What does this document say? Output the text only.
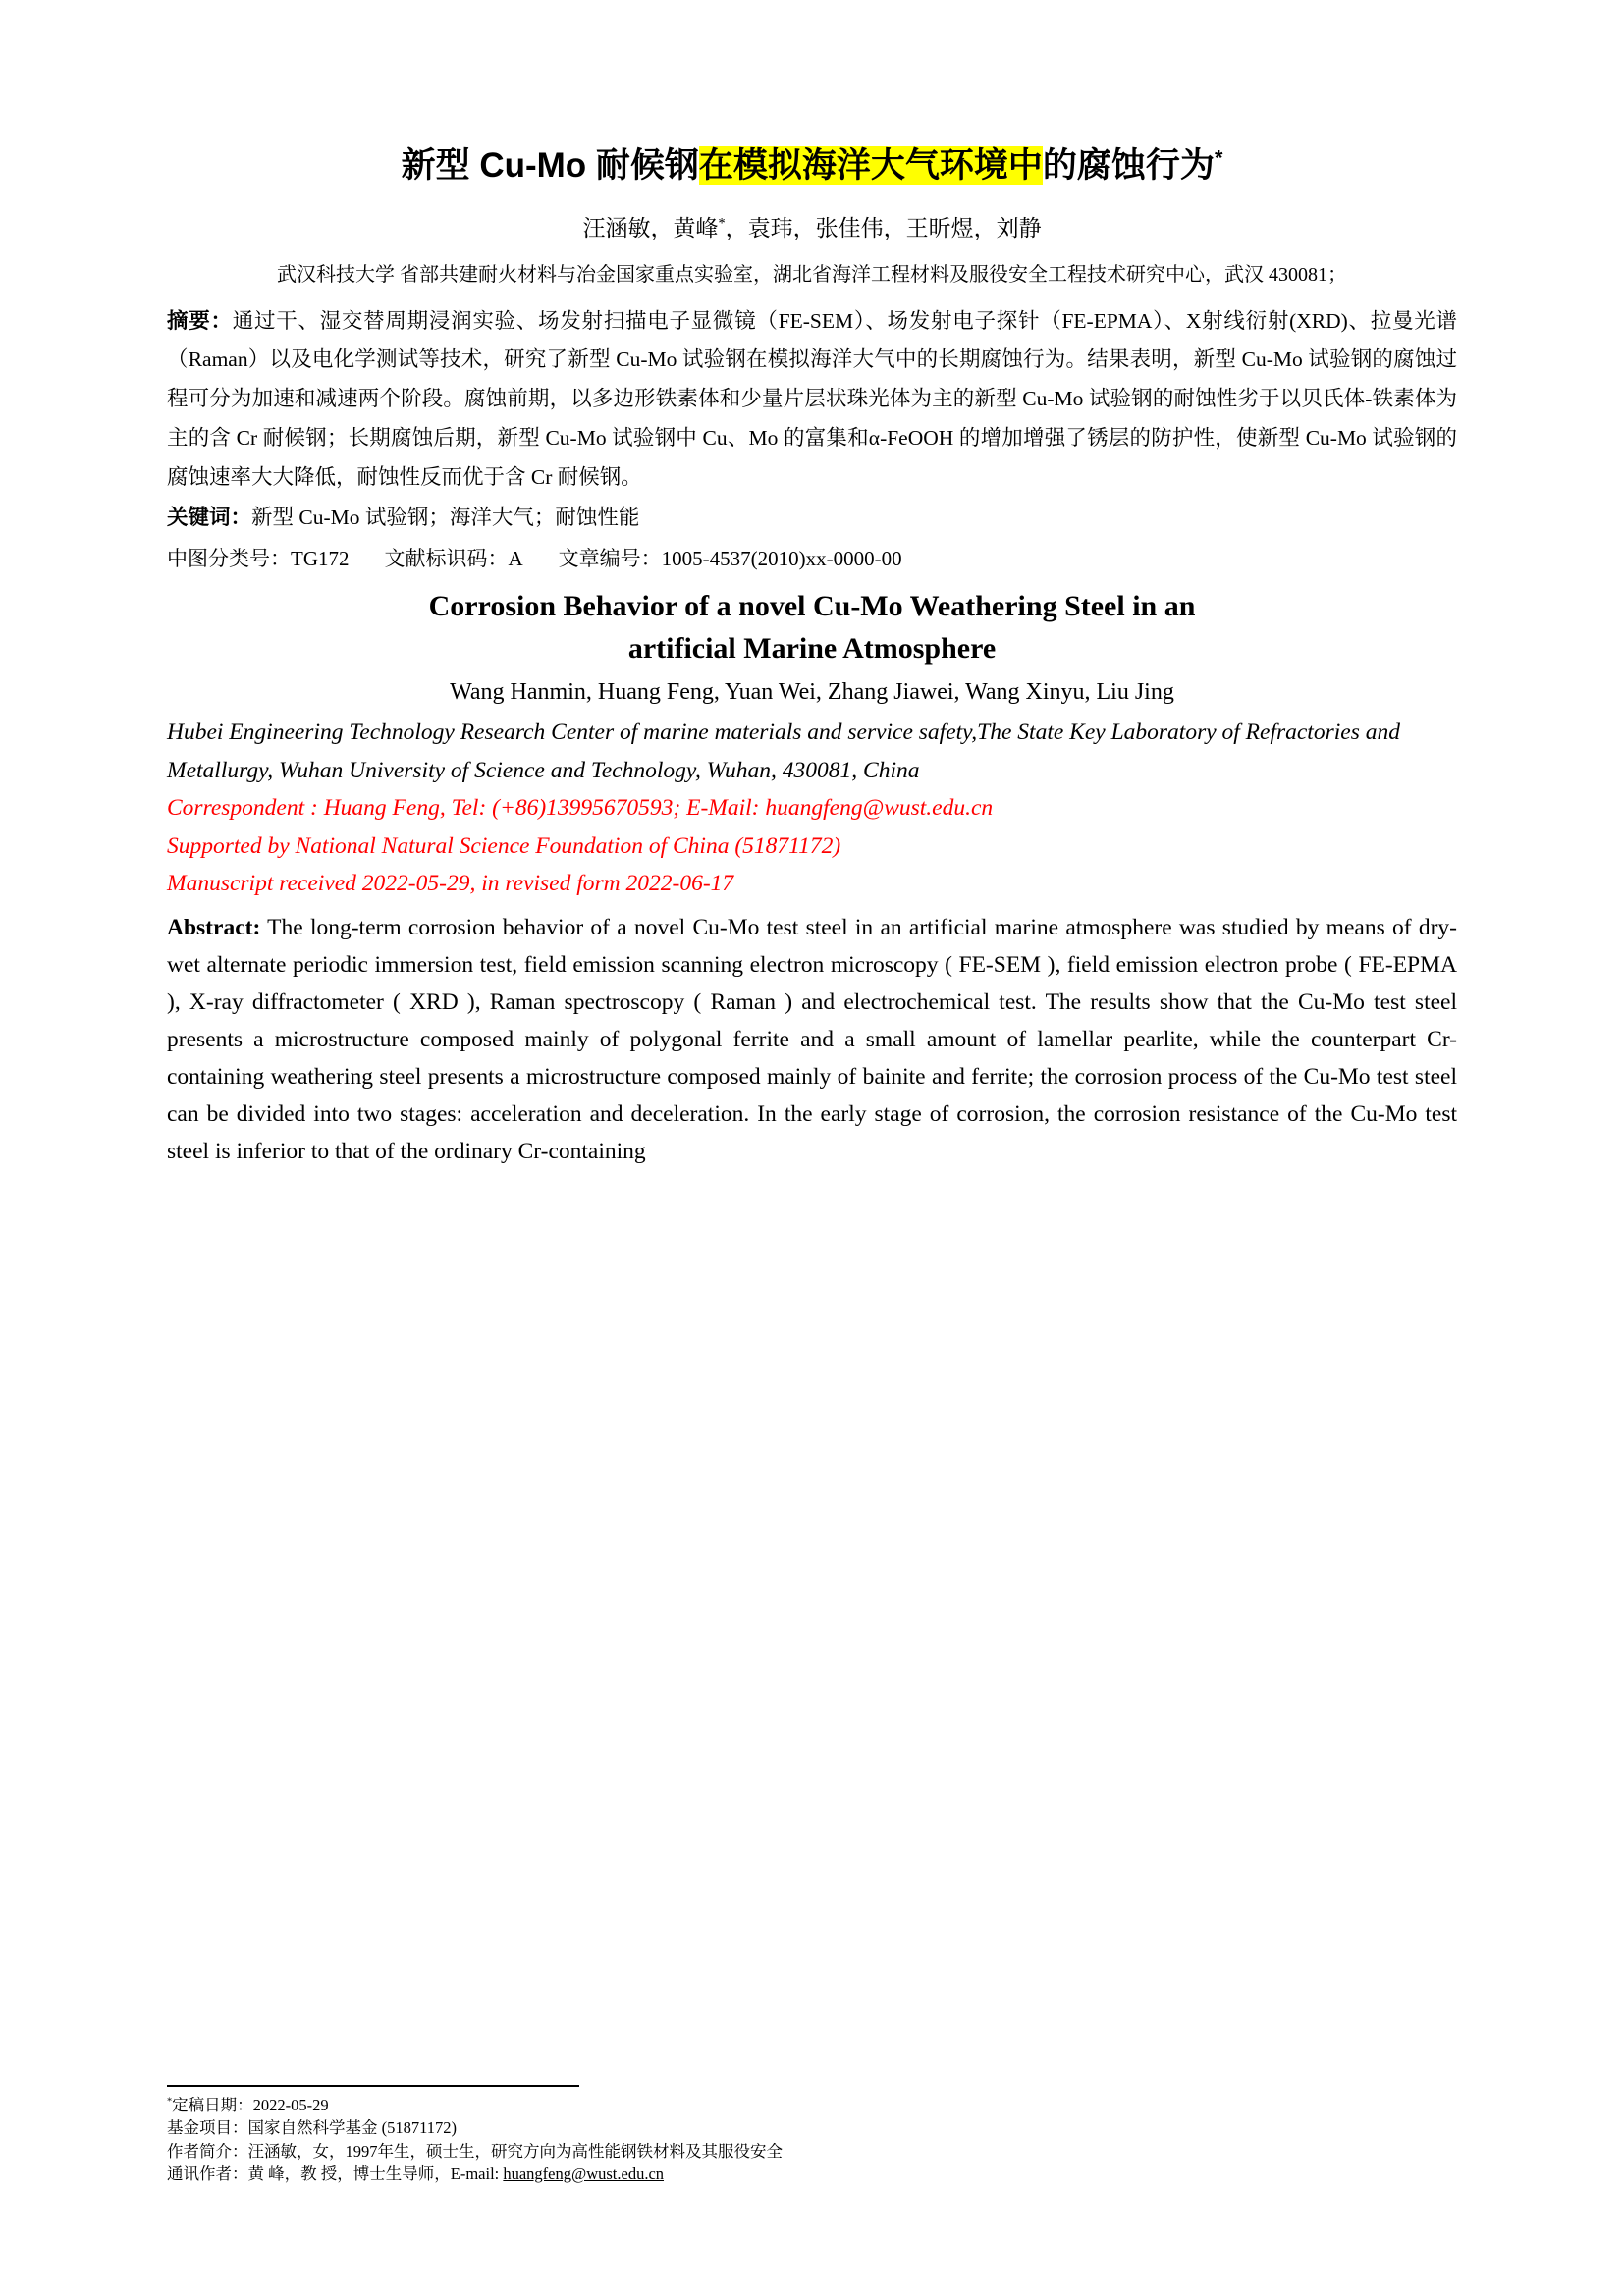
新型 Cu-Mo 耐候钢在模拟海洋大气环境中的腐蚀行为*

汪涵敏，黄峰*，袁玮，张佳伟，王昕煜，刘静

武汉科技大学 省部共建耐火材料与冶金国家重点实验室，湖北省海洋工程材料及服役安全工程技术研究中心，武汉 430081；

摘要：通过干、湿交替周期浸润实验、场发射扫描电子显微镜（FE-SEM）、场发射电子探针（FE-EPMA）、X射线衍射(XRD)、拉曼光谱（Raman）以及电化学测试等技术，研究了新型 Cu-Mo 试验钢在模拟海洋大气中的长期腐蚀行为。结果表明，新型 Cu-Mo 试验钢的腐蚀过程可分为加速和减速两个阶段。腐蚀前期，以多边形铁素体和少量片层状珠光体为主的新型 Cu-Mo 试验钢的耐蚀性劣于以贝氏体-铁素体为主的含 Cr 耐候钢；长期腐蚀后期，新型 Cu-Mo 试验钢中 Cu、Mo 的富集和α-FeOOH 的增加增强了锈层的防护性，使新型 Cu-Mo 试验钢的腐蚀速率大大降低，耐蚀性反而优于含 Cr 耐候钢。

关键词：新型 Cu-Mo 试验钢；海洋大气；耐蚀性能

中图分类号：TG172 文献标识码：A 文章编号：1005-4537(2010)xx-0000-00

Corrosion Behavior of a novel Cu-Mo Weathering Steel in an
artificial Marine Atmosphere

Wang Hanmin, Huang Feng, Yuan Wei, Zhang Jiawei, Wang Xinyu, Liu Jing

Hubei Engineering Technology Research Center of marine materials and service safety,The State Key Laboratory of Refractories and Metallurgy, Wuhan University of Science and Technology, Wuhan, 430081, China

Correspondent : Huang Feng, Tel: (+86)13995670593; E-Mail: huangfeng@wust.edu.cn

Supported by National Natural Science Foundation of China (51871172)

Manuscript received 2022-05-29, in revised form 2022-06-17

Abstract: The long-term corrosion behavior of a novel Cu-Mo test steel in an artificial marine atmosphere was studied by means of dry-wet alternate periodic immersion test, field emission scanning electron microscopy ( FE-SEM ), field emission electron probe ( FE-EPMA ), X-ray diffractometer ( XRD ), Raman spectroscopy ( Raman ) and electrochemical test. The results show that the Cu-Mo test steel presents a microstructure composed mainly of polygonal ferrite and a small amount of lamellar pearlite, while the counterpart Cr-containing weathering steel presents a microstructure composed mainly of bainite and ferrite; the corrosion process of the Cu-Mo test steel can be divided into two stages: acceleration and deceleration. In the early stage of corrosion, the corrosion resistance of the Cu-Mo test steel is inferior to that of the ordinary Cr-containing

*定稿日期：2022-05-29

基金项目：国家自然科学基金 (51871172)

作者简介：汪涵敏，女，1997年生，硕士生，研究方向为高性能钢铁材料及其服役安全

通讯作者：黄 峰，教 授，博士生导师，E-mail: huangfeng@wust.edu.cn
